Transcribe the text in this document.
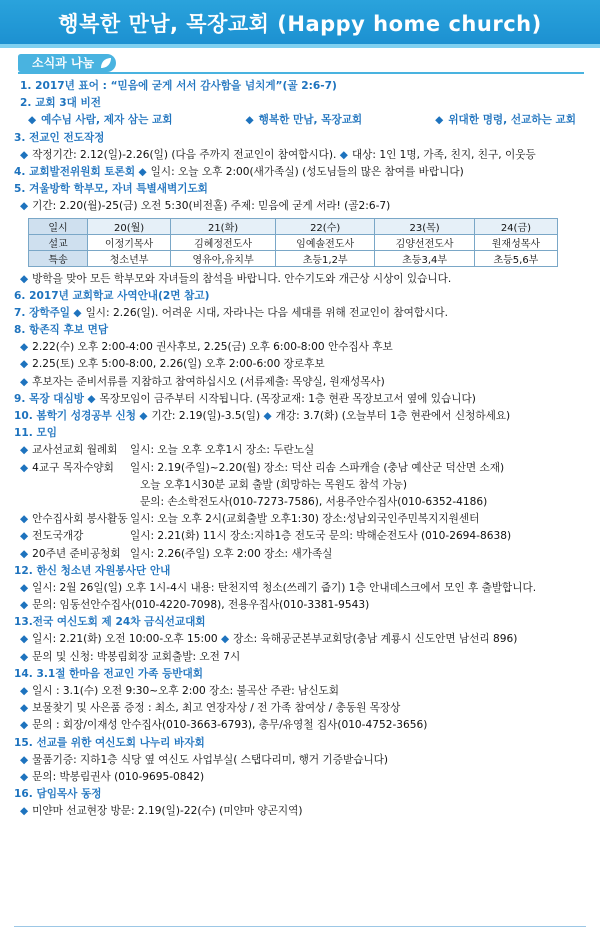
행복한 만남, 목장교회 (Happy home church)
소식과 나눔
1. 2017년 표어 : “믿음에 굳게 서서 감사함을 넘치게”(골 2:6-7)
2. 교회 3대 비전
◆ 예수님 사람, 제자 삼는 교회	◆ 행복한 만남, 목장교회	◆ 위대한 명령, 선교하는 교회
3. 전교인 전도작정
◆ 작정기간: 2.12(일)-2.26(일) (다음 주까지 전교인이 참여합시다). ◆ 대상: 1인 1명, 가족, 친지, 친구, 이웃등
4. 교회발전위원회 토론회 ◆ 일시: 오늘 오후 2:00(새가족실) (성도님들의 많은 참여를 바랍니다)
5. 겨울방학 학부모, 자녀 특별새벽기도회
◆ 기간: 2.20(월)-25(금) 오전 5:30(비전홀) 주제: 믿음에 굳게 서라! (골2:6-7)
일시	20(월)	21(화)	22(수)	23(목)	24(금)
설교	이정기목사	김혜정전도사	임예솔전도사	김양선전도사	원재성목사
특송	청소년부	영유아,유치부	초등1,2부	초등3,4부	초등5,6부
◆ 방학을 맞아 모든 학부모와 자녀들의 참석을 바랍니다. 안수기도와 개근상 시상이 있습니다.
6. 2017년 교회학교 사역안내(2면 참고)
7. 장학주일 ◆ 일시: 2.26(일). 어려운 시대, 자라나는 다음 세대를 위해 전교인이 참여합시다.
8. 항존직 후보 면담
◆ 2.22(수) 오후 2:00-4:00 권사후보, 2.25(금) 오후 6:00-8:00 안수집사 후보
◆ 2.25(토) 오후 5:00-8:00, 2.26(일) 오후 2:00-6:00 장로후보
◆ 후보자는 준비서류를 지참하고 참여하십시오 (서류제출: 목양실, 원재성목사)
9. 목장 대심방 ◆ 목장모임이 금주부터 시작됩니다. (목장교재: 1층 현관 목장보고서 옆에 있습니다)
10. 봄학기 성경공부 신청 ◆ 기간: 2.19(일)-3.5(일) ◆ 개강: 3.7(화) (오늘부터 1층 현관에서 신청하세요)
11. 모임
◆ 교사선교회 월례회	일시: 오늘 오후 오후1시 장소: 두란노실
◆ 4교구 목자수양회	일시: 2.19(주일)~2.20(월) 장소: 덕산 리솜 스파캐슬 (충남 예산군 덕산면 소재)
오늘 오후1시30분 교회 출발 (희망하는 목원도 참석 가능)
문의: 손소학전도사(010-7273-7586), 서용주안수집사(010-6352-4186)
◆ 안수집사회 봉사활동 일시: 오늘 오후 2시(교회출발 오후1:30) 장소:성남외국인주민복지지원센터
◆ 전도국개강	일시: 2.21(화) 11시 장소:지하1층 전도국 문의: 박해순전도사 (010-2694-8638)
◆ 20주년 준비공청회 일시: 2.26(주일) 오후 2:00 장소: 새가족실
12. 한신 청소년 자원봉사단 안내
◆ 일시: 2월 26일(일) 오후 1시-4시 내용: 탄천지역 청소(쓰레기 줍기) 1층 안내데스크에서 모인 후 출발합니다.
◆ 문의: 임동선안수집사(010-4220-7098), 전용우집사(010-3381-9543)
13.전국 여신도회 제 24차 금식선교대회
◆ 일시: 2.21(화) 오전 10:00-오후 15:00 ◆ 장소: 육해공군본부교회당(충남 계룡시 신도안면 남선리 896)
◆ 문의 및 신청: 박봉림회장 교회출발: 오전 7시
14. 3.1절 한마음 전교인 가족 등반대회
◆ 일시 : 3.1(수) 오전 9:30~오후 2:00 장소: 불곡산 주관: 남신도회
◆ 보물찾기 및 사은품 증정 : 최소, 최고 연장자상 / 전 가족 참여상 / 총동원 목장상
◆ 문의 : 회장/이재성 안수집사(010-3663-6793), 총무/유영철 집사(010-4752-3656)
15. 선교를 위한 여신도회 나누리 바자회
◆ 물품기증: 지하1층 식당 옆 여신도 사업부실( 스탭다리미, 행거 기증받습니다)
◆ 문의: 박봉림권사 (010-9695-0842)
16. 담임목사 동정
◆ 미얀마 선교현장 방문: 2.19(일)-22(수) (미얀마 양곤지역)
